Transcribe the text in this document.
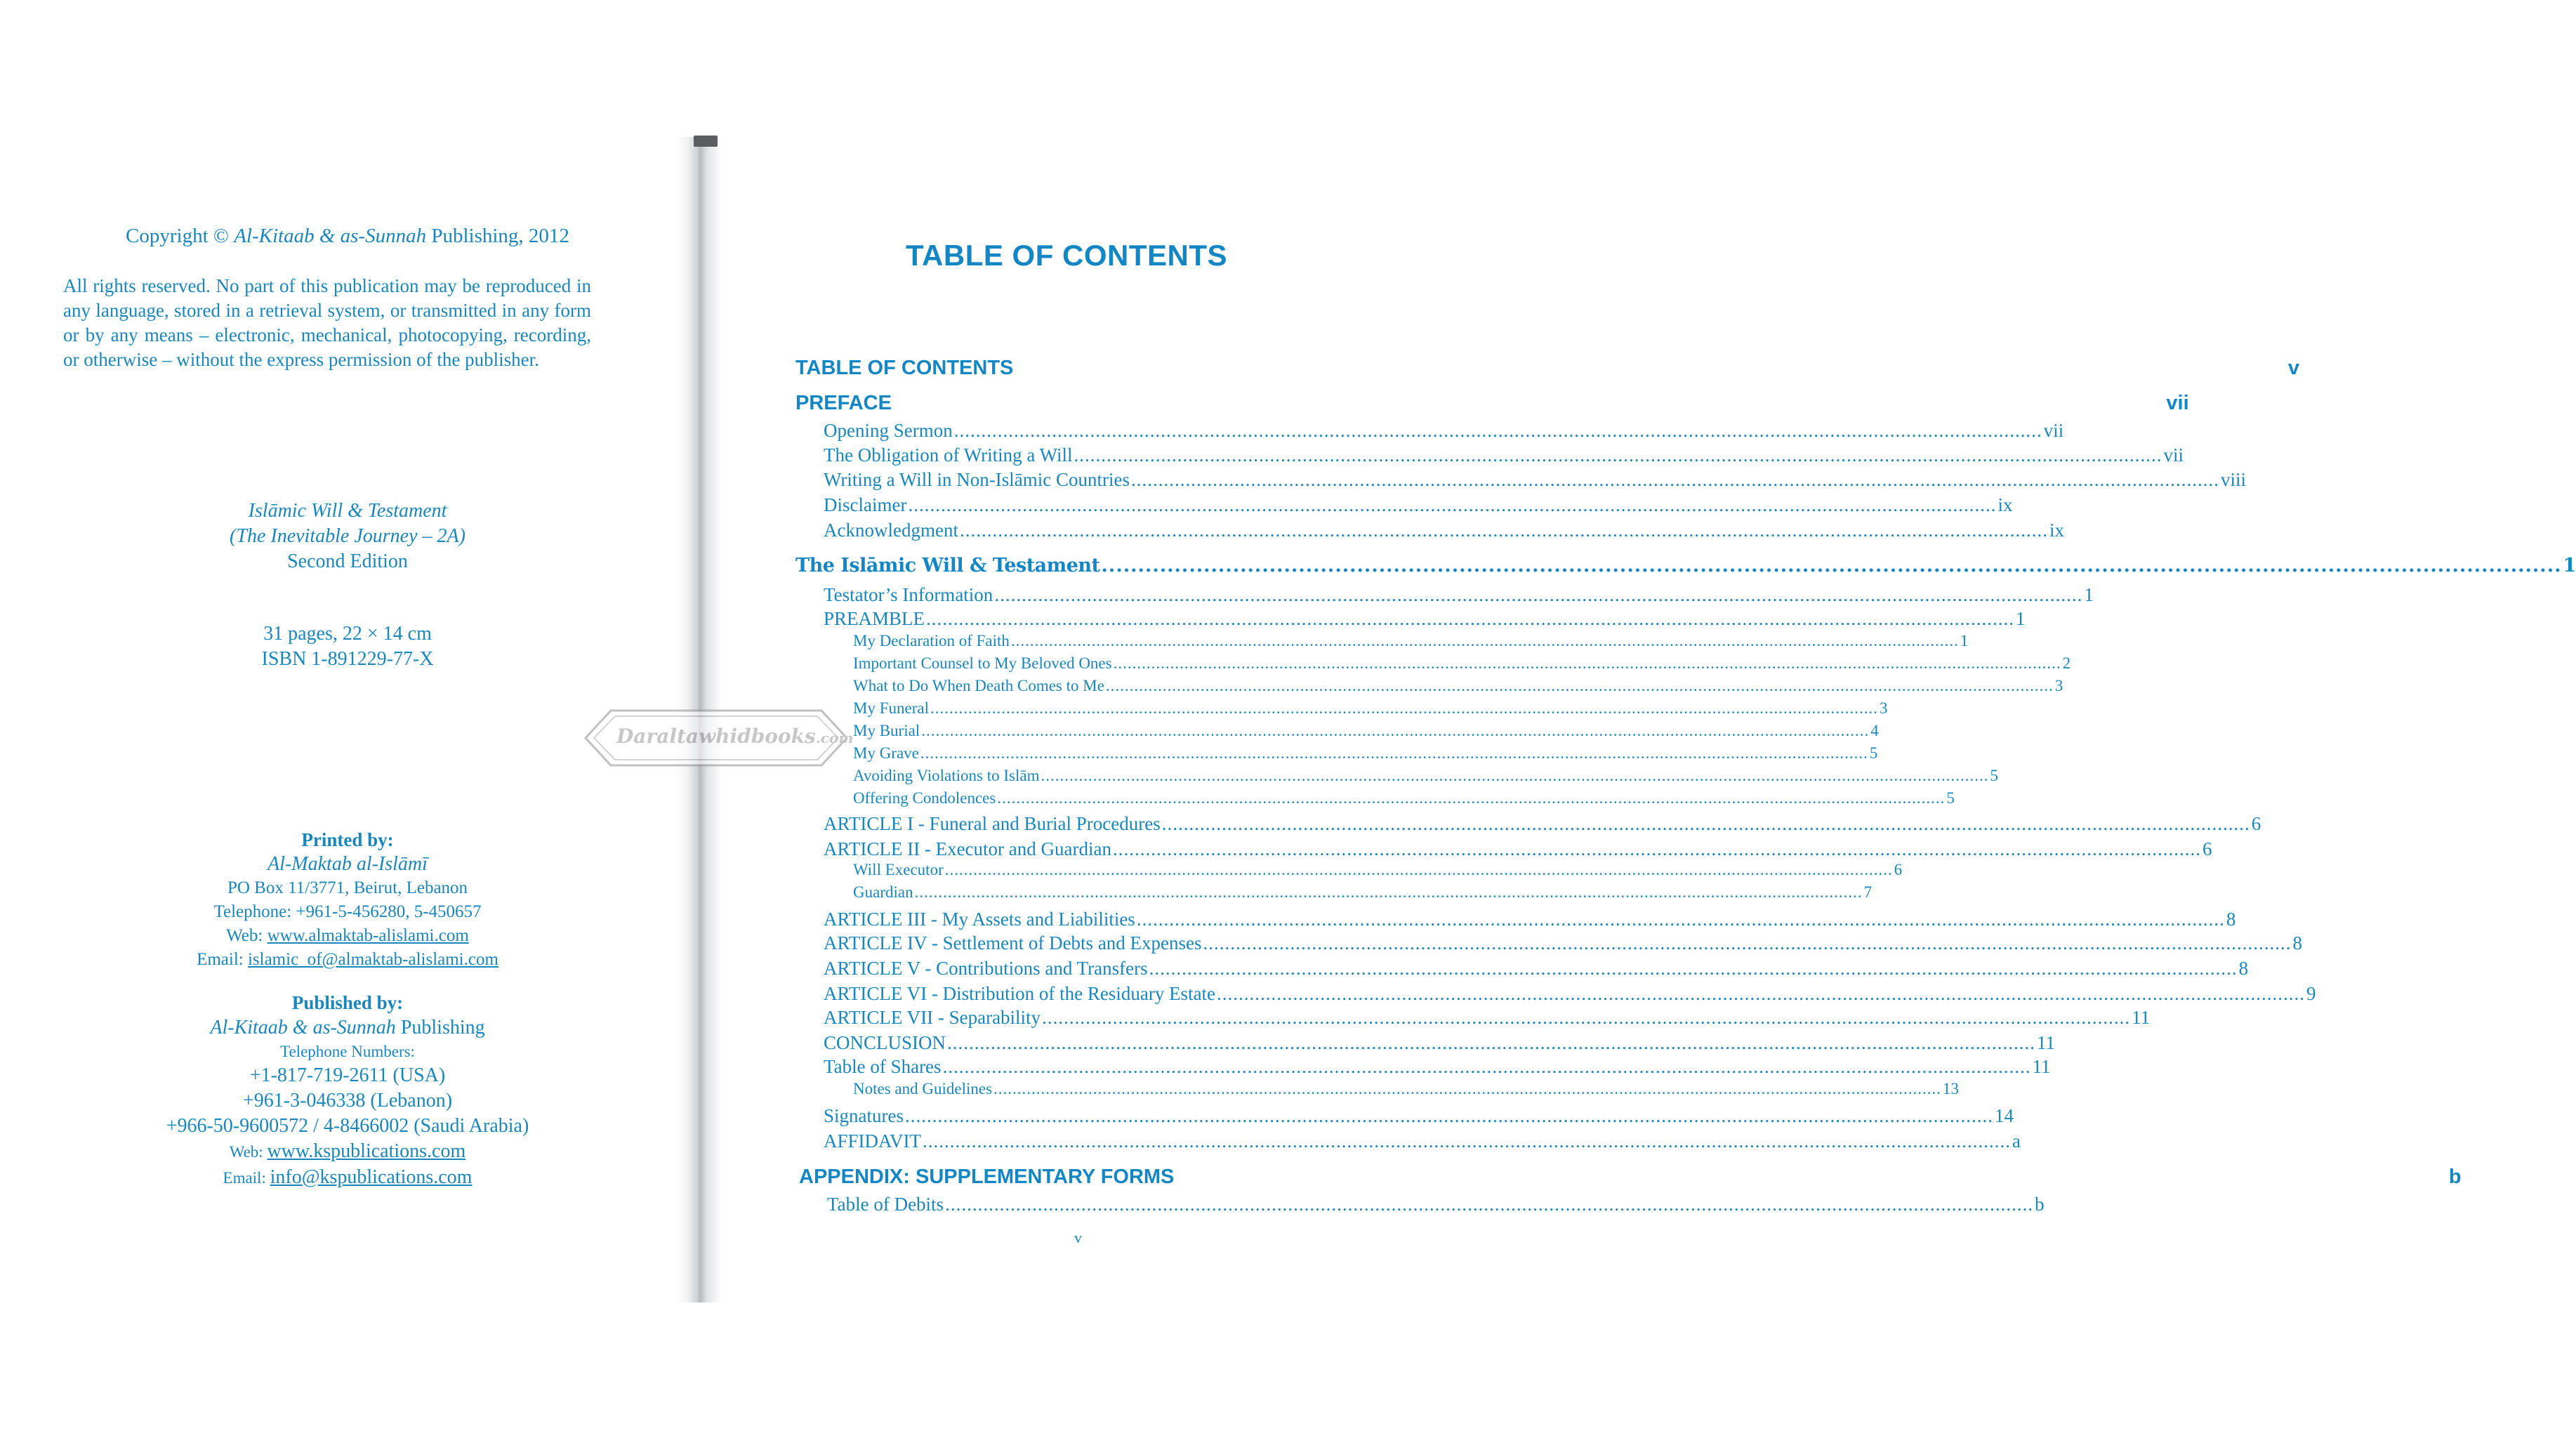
Copyright © Al-Kitaab & as-Sunnah Publishing, 2012
All rights reserved. No part of this publication may be reproduced in any language, stored in a retrieval system, or transmitted in any form or by any means – electronic, mechanical, photocopying, recording, or otherwise – without the express permission of the publisher.
Islāmic Will & Testament
(The Inevitable Journey – 2A)
Second Edition
31 pages, 22 × 14 cm
ISBN 1-891229-77-X
Printed by:
Al-Maktab al-Islāmī
PO Box 11/3771, Beirut, Lebanon
Telephone: +961-5-456280, 5-450657
Web: www.almaktab-alislami.com
Email: islamic_of@almaktab-alislami.com
Published by:
Al-Kitaab & as-Sunnah Publishing
Telephone Numbers:
+1-817-719-2611 (USA)
+961-3-046338 (Lebanon)
+966-50-9600572 / 4-8466002 (Saudi Arabia)
Web: www.kspublications.com
Email: info@kspublications.com
TABLE OF CONTENTS
TABLE OF CONTENTS	v
PREFACE	vii
Opening Sermon ........................................................................................................................................................................................................ vii
The Obligation of Writing a Will ........................................................................................................................................................................................................ vii
Writing a Will in Non-Islāmic Countries ........................................................................................................................................................................................................ viii
Disclaimer ........................................................................................................................................................................................................ ix
Acknowledgment ........................................................................................................................................................................................................ ix
The Islāmic Will & Testament ........................................................................................................................................................................................................ 1
Testator’s Information ........................................................................................................................................................................................................ 1
PREAMBLE ........................................................................................................................................................................................................ 1
My Declaration of Faith ........................................................................................................................................................................................................ 1
Important Counsel to My Beloved Ones ........................................................................................................................................................................................................ 2
What to Do When Death Comes to Me ........................................................................................................................................................................................................ 3
My Funeral ........................................................................................................................................................................................................ 3
My Burial ........................................................................................................................................................................................................ 4
My Grave ........................................................................................................................................................................................................ 5
Avoiding Violations to Islām ........................................................................................................................................................................................................ 5
Offering Condolences ........................................................................................................................................................................................................ 5
ARTICLE I - Funeral and Burial Procedures ........................................................................................................................................................................................................ 6
ARTICLE II - Executor and Guardian ........................................................................................................................................................................................................ 6
Will Executor ........................................................................................................................................................................................................ 6
Guardian ........................................................................................................................................................................................................ 7
ARTICLE III - My Assets and Liabilities ........................................................................................................................................................................................................ 8
ARTICLE IV - Settlement of Debts and Expenses ........................................................................................................................................................................................................ 8
ARTICLE V - Contributions and Transfers ........................................................................................................................................................................................................ 8
ARTICLE VI - Distribution of the Residuary Estate ........................................................................................................................................................................................................ 9
ARTICLE VII - Separability ........................................................................................................................................................................................................ 11
CONCLUSION ........................................................................................................................................................................................................ 11
Table of Shares ........................................................................................................................................................................................................ 11
Notes and Guidelines ........................................................................................................................................................................................................ 13
Signatures ........................................................................................................................................................................................................ 14
AFFIDAVIT ........................................................................................................................................................................................................ a
APPENDIX: SUPPLEMENTARY FORMS	b
Table of Debits ........................................................................................................................................................................................................ b
v
Daraltawhidbooks.com
